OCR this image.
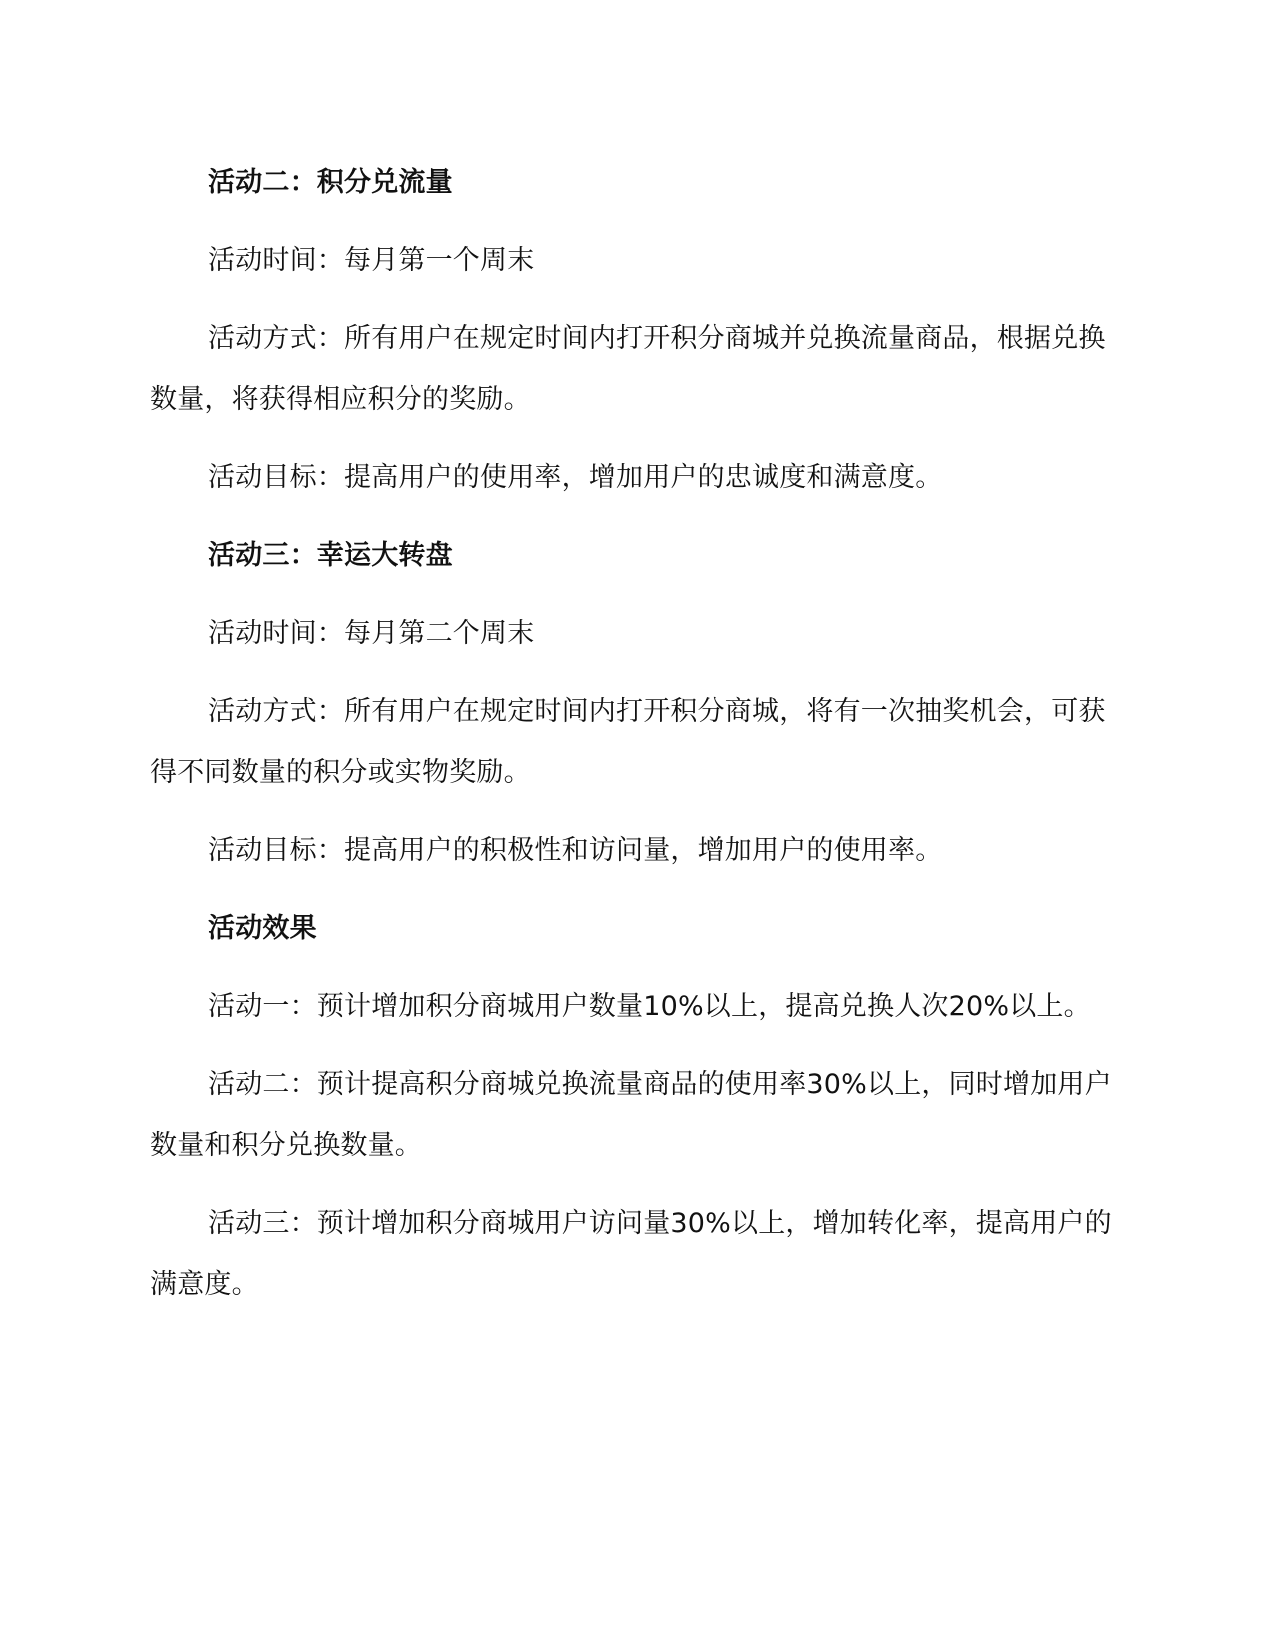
活动二：积分兑流量

活动时间：每月第一个周末

活动方式：所有用户在规定时间内打开积分商城并兑换流量商品，根据兑换数量，将获得相应积分的奖励。

活动目标：提高用户的使用率，增加用户的忠诚度和满意度。

活动三：幸运大转盘

活动时间：每月第二个周末

活动方式：所有用户在规定时间内打开积分商城，将有一次抽奖机会，可获得不同数量的积分或实物奖励。

活动目标：提高用户的积极性和访问量，增加用户的使用率。

活动效果

活动一：预计增加积分商城用户数量10%以上，提高兑换人次20%以上。

活动二：预计提高积分商城兑换流量商品的使用率30%以上，同时增加用户数量和积分兑换数量。

活动三：预计增加积分商城用户访问量30%以上，增加转化率，提高用户的满意度。
